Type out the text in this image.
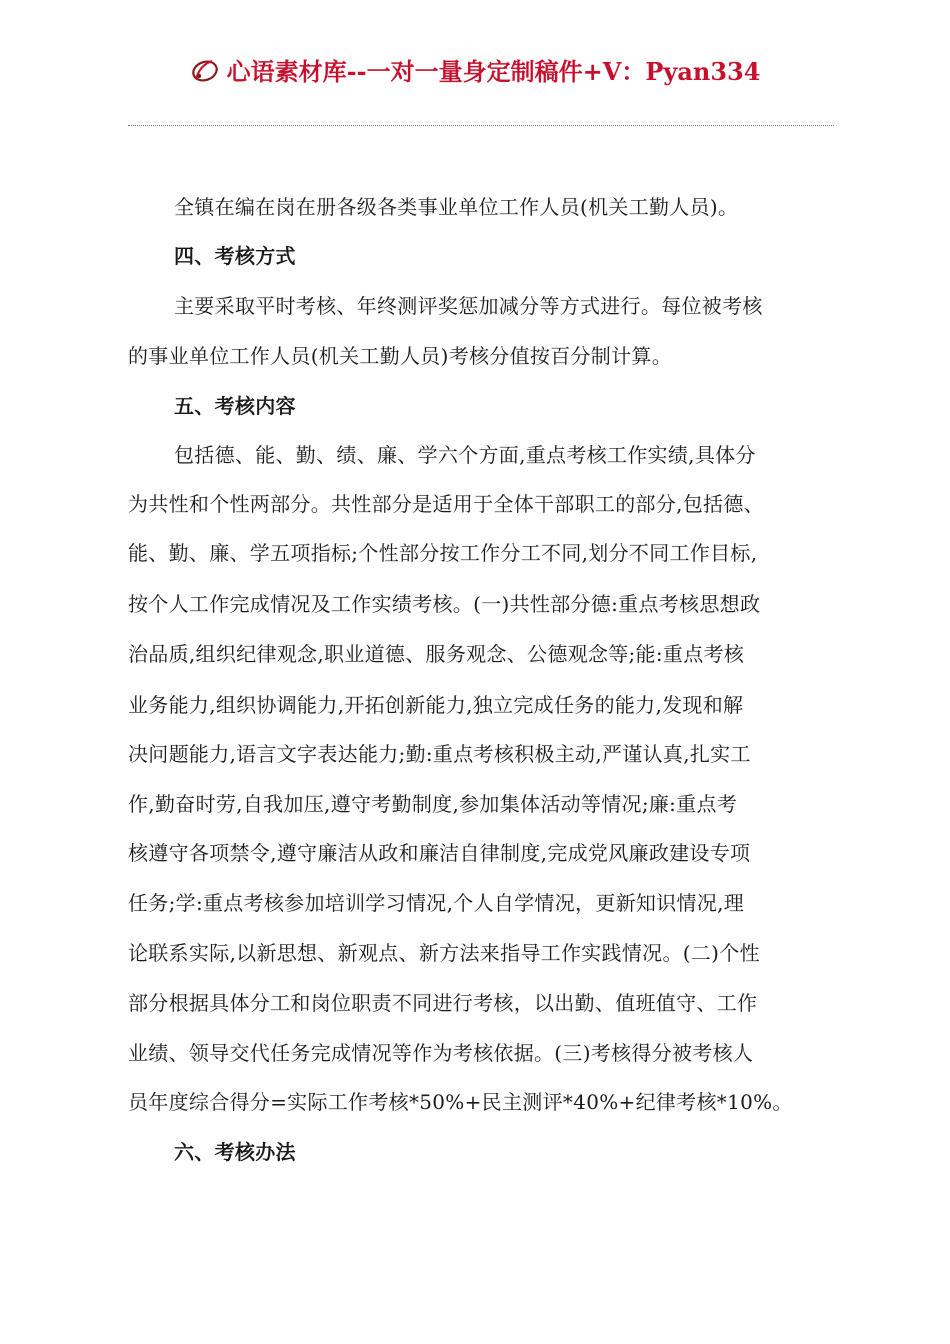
心语素材库--一对一量身定制稿件+V：Pyan334
全镇在编在岗在册各级各类事业单位工作人员(机关工勤人员)。
四、考核方式
主要采取平时考核、年终测评奖惩加减分等方式进行。每位被考核
的事业单位工作人员(机关工勤人员)考核分值按百分制计算。
五、考核内容
包括德、能、勤、绩、廉、学六个方面,重点考核工作实绩,具体分
为共性和个性两部分。共性部分是适用于全体干部职工的部分,包括德、
能、勤、廉、学五项指标;个性部分按工作分工不同,划分不同工作目标,
按个人工作完成情况及工作实绩考核。(一)共性部分德:重点考核思想政
治品质,组织纪律观念,职业道德、服务观念、公德观念等;能:重点考核
业务能力,组织协调能力,开拓创新能力,独立完成任务的能力,发现和解
决问题能力,语言文字表达能力;勤:重点考核积极主动,严谨认真,扎实工
作,勤奋时劳,自我加压,遵守考勤制度,参加集体活动等情况;廉:重点考
核遵守各项禁令,遵守廉洁从政和廉洁自律制度,完成党风廉政建设专项
任务;学:重点考核参加培训学习情况,个人自学情况，更新知识情况,理
论联系实际,以新思想、新观点、新方法来指导工作实践情况。(二)个性
部分根据具体分工和岗位职责不同进行考核，以出勤、值班值守、工作
业绩、领导交代任务完成情况等作为考核依据。(三)考核得分被考核人
员年度综合得分=实际工作考核*50%+民主测评*40%+纪律考核*10%。
六、考核办法
